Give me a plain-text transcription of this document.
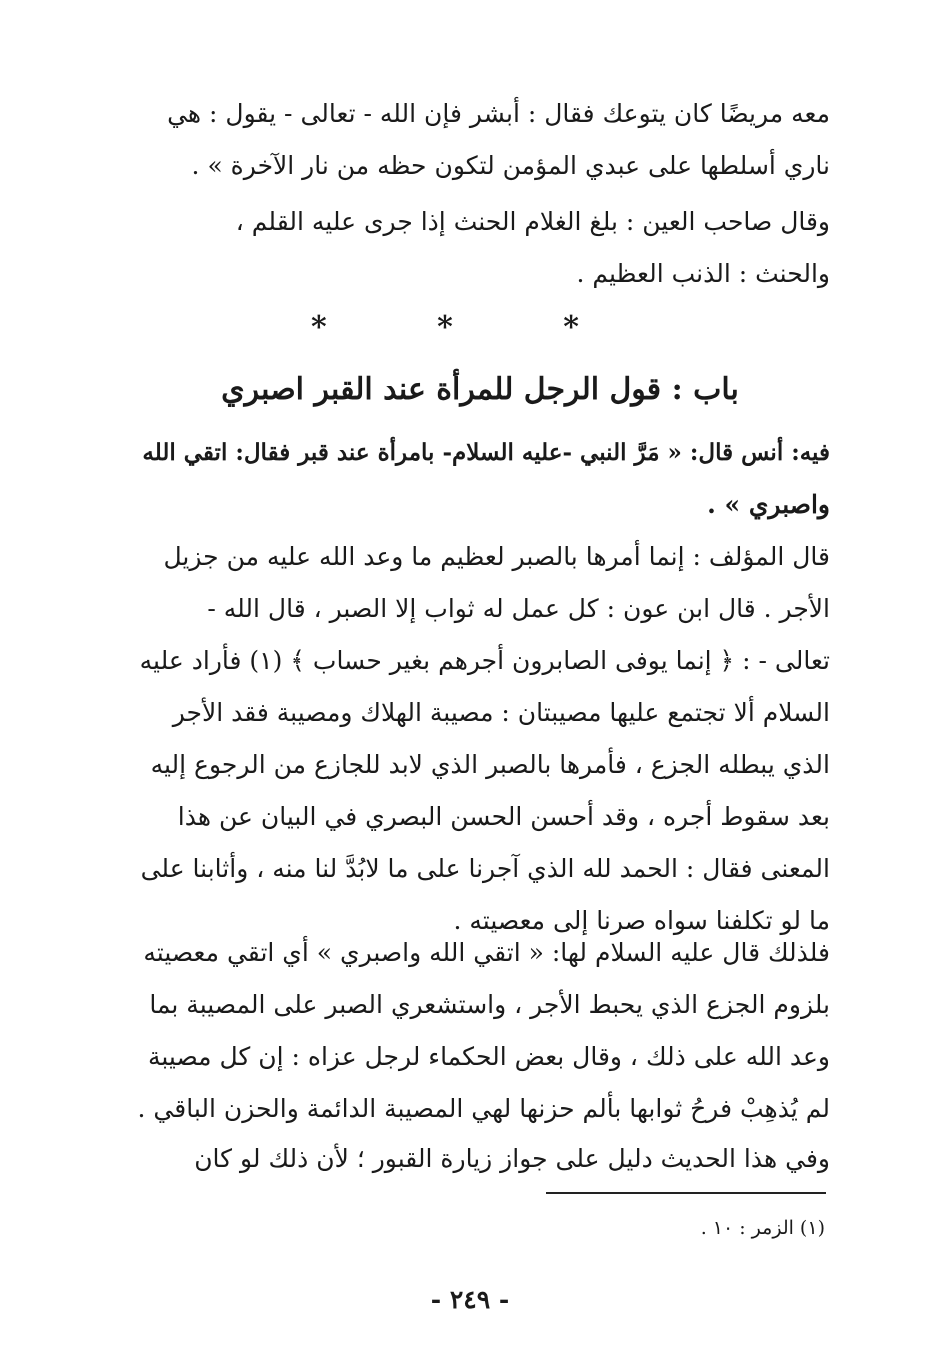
معه مريضًا كان يتوعك فقال : أبشر فإن الله - تعالى - يقول : هي
ناري أسلطها على عبدي المؤمن لتكون حظه من نار الآخرة » .
وقال صاحب العين : بلغ الغلام الحنث إذا جرى عليه القلم ،
والحنث : الذنب العظيم .
* * *
باب : قول الرجل للمرأة عند القبر اصبري
فيه: أنس قال: « مَرَّ النبي -عليه السلام- بامرأة عند قبر فقال: اتقي الله
واصبري » .
قال المؤلف : إنما أمرها بالصبر لعظيم ما وعد الله عليه من جزيل
الأجر . قال ابن عون : كل عمل له ثواب إلا الصبر ، قال الله -
تعالى - : ﴿ إنما يوفى الصابرون أجرهم بغير حساب ﴾ (١) فأراد عليه
السلام ألا تجتمع عليها مصيبتان : مصيبة الهلاك ومصيبة فقد الأجر
الذي يبطله الجزع ، فأمرها بالصبر الذي لابد للجازع من الرجوع إليه
بعد سقوط أجره ، وقد أحسن الحسن البصري في البيان عن هذا
المعنى فقال : الحمد لله الذي آجرنا على ما لابُدَّ لنا منه ، وأثابنا على
ما لو تكلفنا سواه صرنا إلى معصيته .
فلذلك قال عليه السلام لها: « اتقي الله واصبري » أي اتقي معصيته
بلزوم الجزع الذي يحبط الأجر ، واستشعري الصبر على المصيبة بما
وعد الله على ذلك ، وقال بعض الحكماء لرجل عزاه : إن كل مصيبة
لم يُذهِبْ فرحُ ثوابها بألم حزنها لهي المصيبة الدائمة والحزن الباقي .
وفي هذا الحديث دليل على جواز زيارة القبور ؛ لأن ذلك لو كان
(١) الزمر : ١٠ .
- ٢٤٩ -
